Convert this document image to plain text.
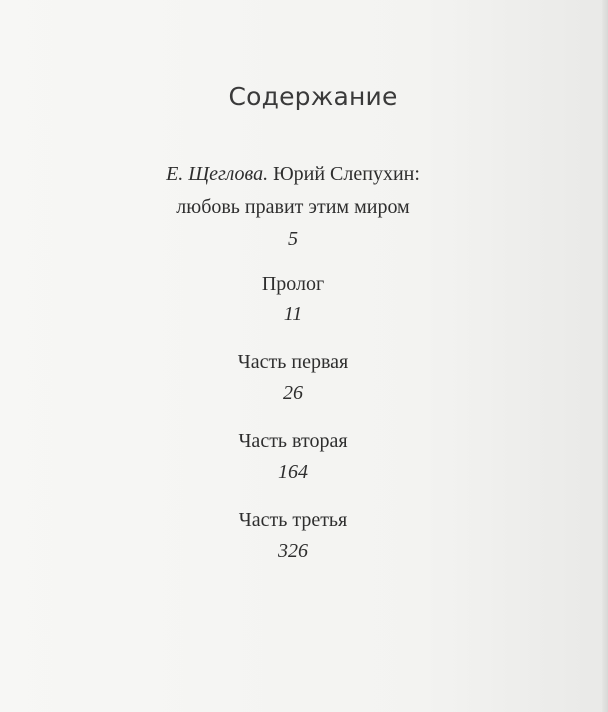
Содержание
Е. Щеглова. Юрий Слепухин:
любовь правит этим миром
5
Пролог
11
Часть первая
26
Часть вторая
164
Часть третья
326
